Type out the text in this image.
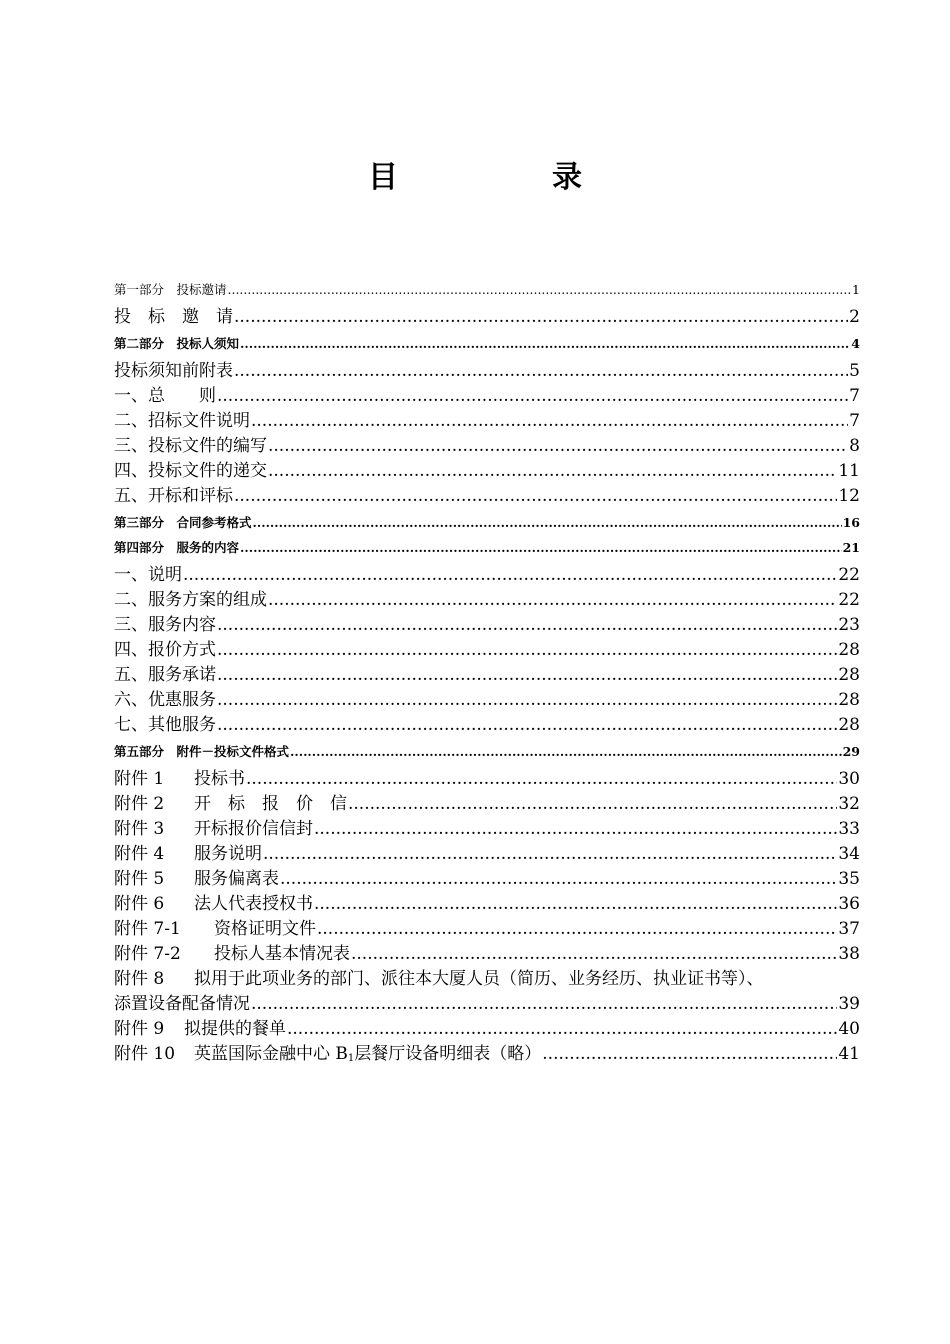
目　录
第一部分　投标邀请 .....	1
投　标　邀　请 .....	2
第二部分　投标人须知 .....	4
投标须知前附表 .....	5
一、总　　则 .....	7
二、招标文件说明 .....	7
三、投标文件的编写 .....	8
四、投标文件的递交 .....	11
五、开标和评标 .....	12
第三部分　合同参考格式 .....	16
第四部分　服务的内容 .....	21
一、说明 .....	22
二、服务方案的组成 .....	22
三、服务内容 .....	23
四、报价方式 .....	28
五、服务承诺 .....	28
六、优惠服务 .....	28
七、其他服务 .....	28
第五部分　附件－投标文件格式 .....	29
附件 1 投标书 .....	30
附件 2 开　标　报　价　信 .....	32
附件 3 开标报价信信封 .....	33
附件 4 服务说明 .....	34
附件 5 服务偏离表 .....	35
附件 6 法人代表授权书 .....	36
附件 7-1 资格证明文件 .....	37
附件 7-2 投标人基本情况表 .....	38
附件 8 拟用于此项业务的部门、派往本大厦人员（简历、业务经历、执业证书等）、
添置设备配备情况 .....	39
附件 9 拟提供的餐单 .....	40
附件 10 英蓝国际金融中心 $B_1$层餐厅设备明细表（略） .....	41
